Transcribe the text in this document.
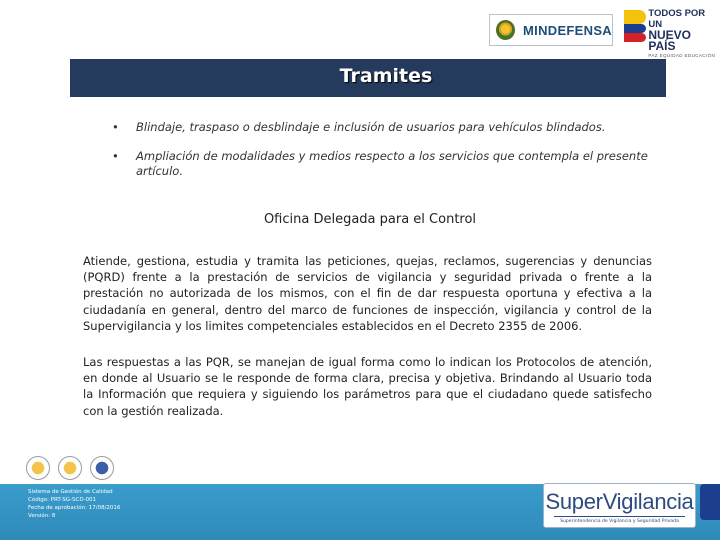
MINDEFENSA
TODOS POR UN
NUEVO PAÍS
PAZ EQUIDAD EDUCACIÓN
Tramites
• Blindaje, traspaso o desblindaje e inclusión de usuarios para vehículos blindados.
• Ampliación de modalidades y medios respecto a los servicios que contempla el presente artículo.
Oficina Delegada para el Control

Atiende, gestiona, estudia y tramita las peticiones, quejas, reclamos, sugerencias y denuncias (PQRD) frente a la prestación de servicios de vigilancia y seguridad privada o frente a la prestación no autorizada de los mismos, con el fin de dar respuesta oportuna y efectiva a la ciudadanía en general, dentro del marco de funciones de inspección, vigilancia y control de la Supervigilancia y los limites competenciales establecidos en el Decreto 2355 de 2006.

Las respuestas a las PQR, se manejan de igual forma como lo indican los Protocolos de atención, en donde al Usuario se le responde de forma clara, precisa y objetiva. Brindando al Usuario toda la Información que requiera y siguiendo los parámetros para que el ciudadano quede satisfecho con la gestión realizada.

Sistema de Gestión de Calidad
Código: PRT-SG-SCD-001
Fecha de aprobación: 17/08/2016
Versión: 8
SuperVigilancia
Superintendencia de Vigilancia y Seguridad Privada
